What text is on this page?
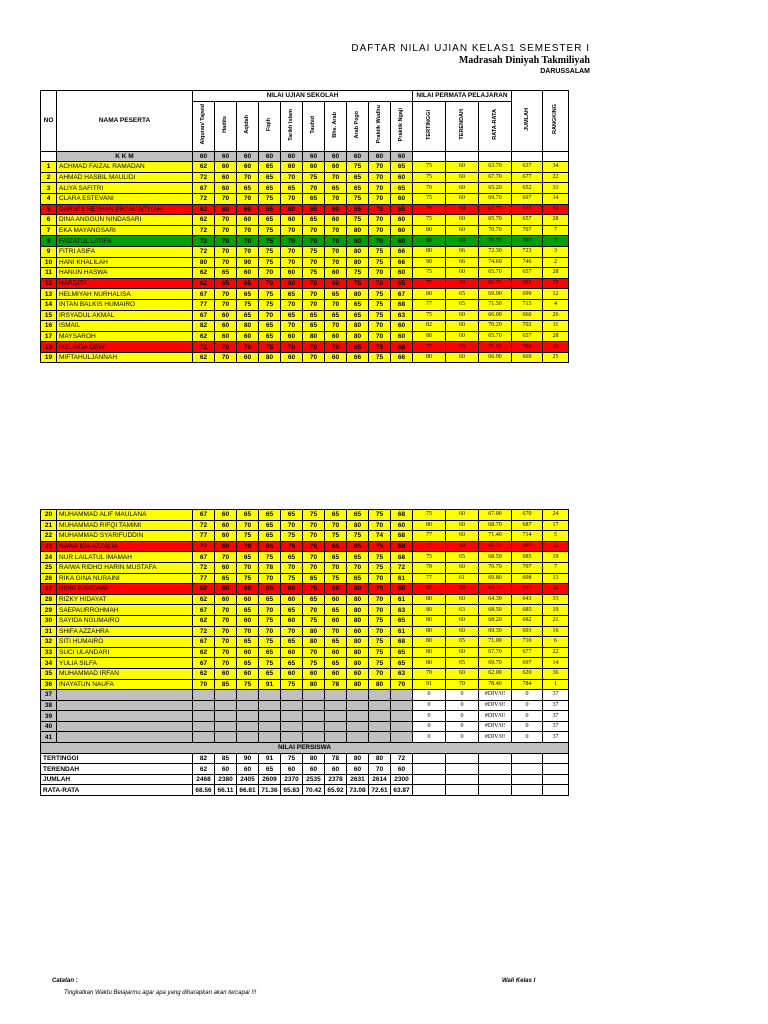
DAFTAR NILAI UJIAN KELAS1 SEMESTER I
Madrasah Diniyah Takmiliyah
DARUSSALAM
NO	NAMA PESERTA	NILAI UJIAN SEKOLAH										NILAI PERMATA PELAJARAN			JUMLAH	RANGKING
		Alquran/ Tajwid	Hadits	Aqidah	Fiqih	Tarikh Islam	Tauhid	Bhs. Arab	Arab Pego	Praktik Wudhu	Praktik Ngaji	TERTINGGI	TERENDAH	RATA-RATA		
	K K M	60	60	60	60	60	60	60	60	60	60					
1	ACHMAD FAIZAL RAMADAN	62	60	60	65	60	60	60	75	70	65	75	60	63.70	637	34
2	AHMAD HASBIL MAULIDI	72	60	70	65	70	75	70	65	70	60	75	60	67.70	677	22
3	ALIYA SAFITRI	67	60	65	65	65	70	65	65	70	65	70	60	65.20	652	31
4	CLARA ESTEVANI	72	70	70	75	70	65	70	75	70	60	75	60	69.70	697	14
5	DARWIS REYHAN PRAMANTIYAH	62	60	60	65	60	65	60	65	70	65	70	60	63.70	637	34
6	DINA ANGGUN NINDASARI	62	70	60	65	60	65	60	75	70	60	75	60	65.70	657	28
7	EKA MAYANGSARI	72	70	70	75	70	70	70	80	70	60	80	60	70.70	707	7
8	FAIZATUL LATIFA	72	70	70	75	70	70	70	80	70	60	80	60	70.70	707	7
9	FITRI ASIFA	72	70	70	75	70	75	70	80	75	66	80	66	72.30	723	3
10	HANI KHALILAH	80	70	90	75	70	70	70	80	75	66	90	66	74.60	746	2
11	HANUN HASWA	62	65	60	70	60	75	60	75	70	60	75	60	65.70	657	28
12	HARDITA	62	65	65	70	60	70	60	75	70	65	75	60	66.20	662	25
13	HELMIYAH NURHALISA	67	70	65	75	65	70	65	80	75	67	80	65	69.90	699	12
14	INTAN BALKIS HUMAIRO	77	70	75	75	70	70	70	65	75	68	77	65	71.50	715	4
15	IRSYADUL AKMAL	67	60	65	70	65	65	65	65	75	63	75	60	66.00	660	26
16	ISMAIL	82	60	80	65	70	65	70	80	70	60	82	60	70.20	702	11
17	MAYSAROH	62	60	60	65	60	80	60	80	70	60	80	60	65.70	657	28
18	MELINDA DEWI	72	70	70	75	70	70	70	65	75	68	75	65	70.50	705	10
19	MIFTAHULJANNAH	62	70	60	80	60	70	60	66	75	66	80	60	66.90	669	25
20	MUHAMMAD ALIF MAULANA	67	60	65	65	65	75	65	65	75	68	75	60	67.00	670	24
21	MUHAMMAD RIFQI TAMIMI	72	60	70	65	70	70	70	80	70	60	80	60	68.70	687	17
22	MUHAMMAD SYARIFUDDIN	77	60	75	65	75	70	75	75	74	68	77	60	71.40	714	5
23	NAWA IDA AZZALIA	77	60	70	65	70	70	65	65	75	68	77	60	69.70	697	12
24	NUR LAILATUL IMAMAH	67	70	65	75	65	70	65	65	75	68	75	65	68.50	685	19
25	RAIWA RIDHO HARIN MUSTAFA	72	60	70	78	70	70	70	70	75	72	78	60	70.70	707	7
26	RIKA GINA NURAINI	77	65	75	70	75	65	75	65	70	61	77	61	69.80	698	13
27	RISKI RAMDANI	62	60	60	65	60	70	60	80	70	60	80	60	64.70	647	32
28	RIZKY HIDAYAT	62	60	60	65	60	65	60	80	70	61	80	60	64.30	643	33
29	SAEPAURROHMAH	67	70	65	70	65	70	65	80	70	63	80	63	68.50	685	19
30	SAYIDA NGUMAIRO	62	70	60	75	60	75	60	80	75	65	80	60	68.20	682	21
31	SHIFA AZZAHRA	72	70	70	70	70	80	70	60	70	61	80	60	69.30	693	16
32	SITI HUMAIRO	67	70	65	75	65	80	65	80	75	68	80	65	71.00	710	6
33	SUCI ULANDARI	62	70	60	65	60	70	60	80	75	65	80	60	67.70	677	22
34	YULIA SILFA	67	70	65	75	65	75	65	80	75	65	80	65	69.70	697	14
35	MUHAMMAD IRFAN	62	60	60	65	60	60	60	60	70	63	70	60	62.00	620	36
36	INAYATUN NAUFA	70	85	75	91	75	80	78	80	80	70	91	70	78.40	784	1
37												0	0	#DIV/0!	0	37
38												0	0	#DIV/0!	0	37
39												0	0	#DIV/0!	0	37
40												0	0	#DIV/0!	0	37
41												0	0	#DIV/0!	0	37
NILAI PERSISWA																
TERTINGGI		82	85	90	91	75	80	78	80	80	72					
TERENDAH		62	60	60	65	60	60	60	60	70	60					
JUMLAH		2468	2380	2405	2609	2370	2535	2378	2631	2614	2300					
RATA-RATA		68.56	66.11	66.81	71.36	65.83	70.42	65.92	73.08	72.61	63.87					
Catatan :
Tingkatkan Waktu Belajarmu agar apa yang diharapkan akan tercapai !!!
Wali Kelas I
